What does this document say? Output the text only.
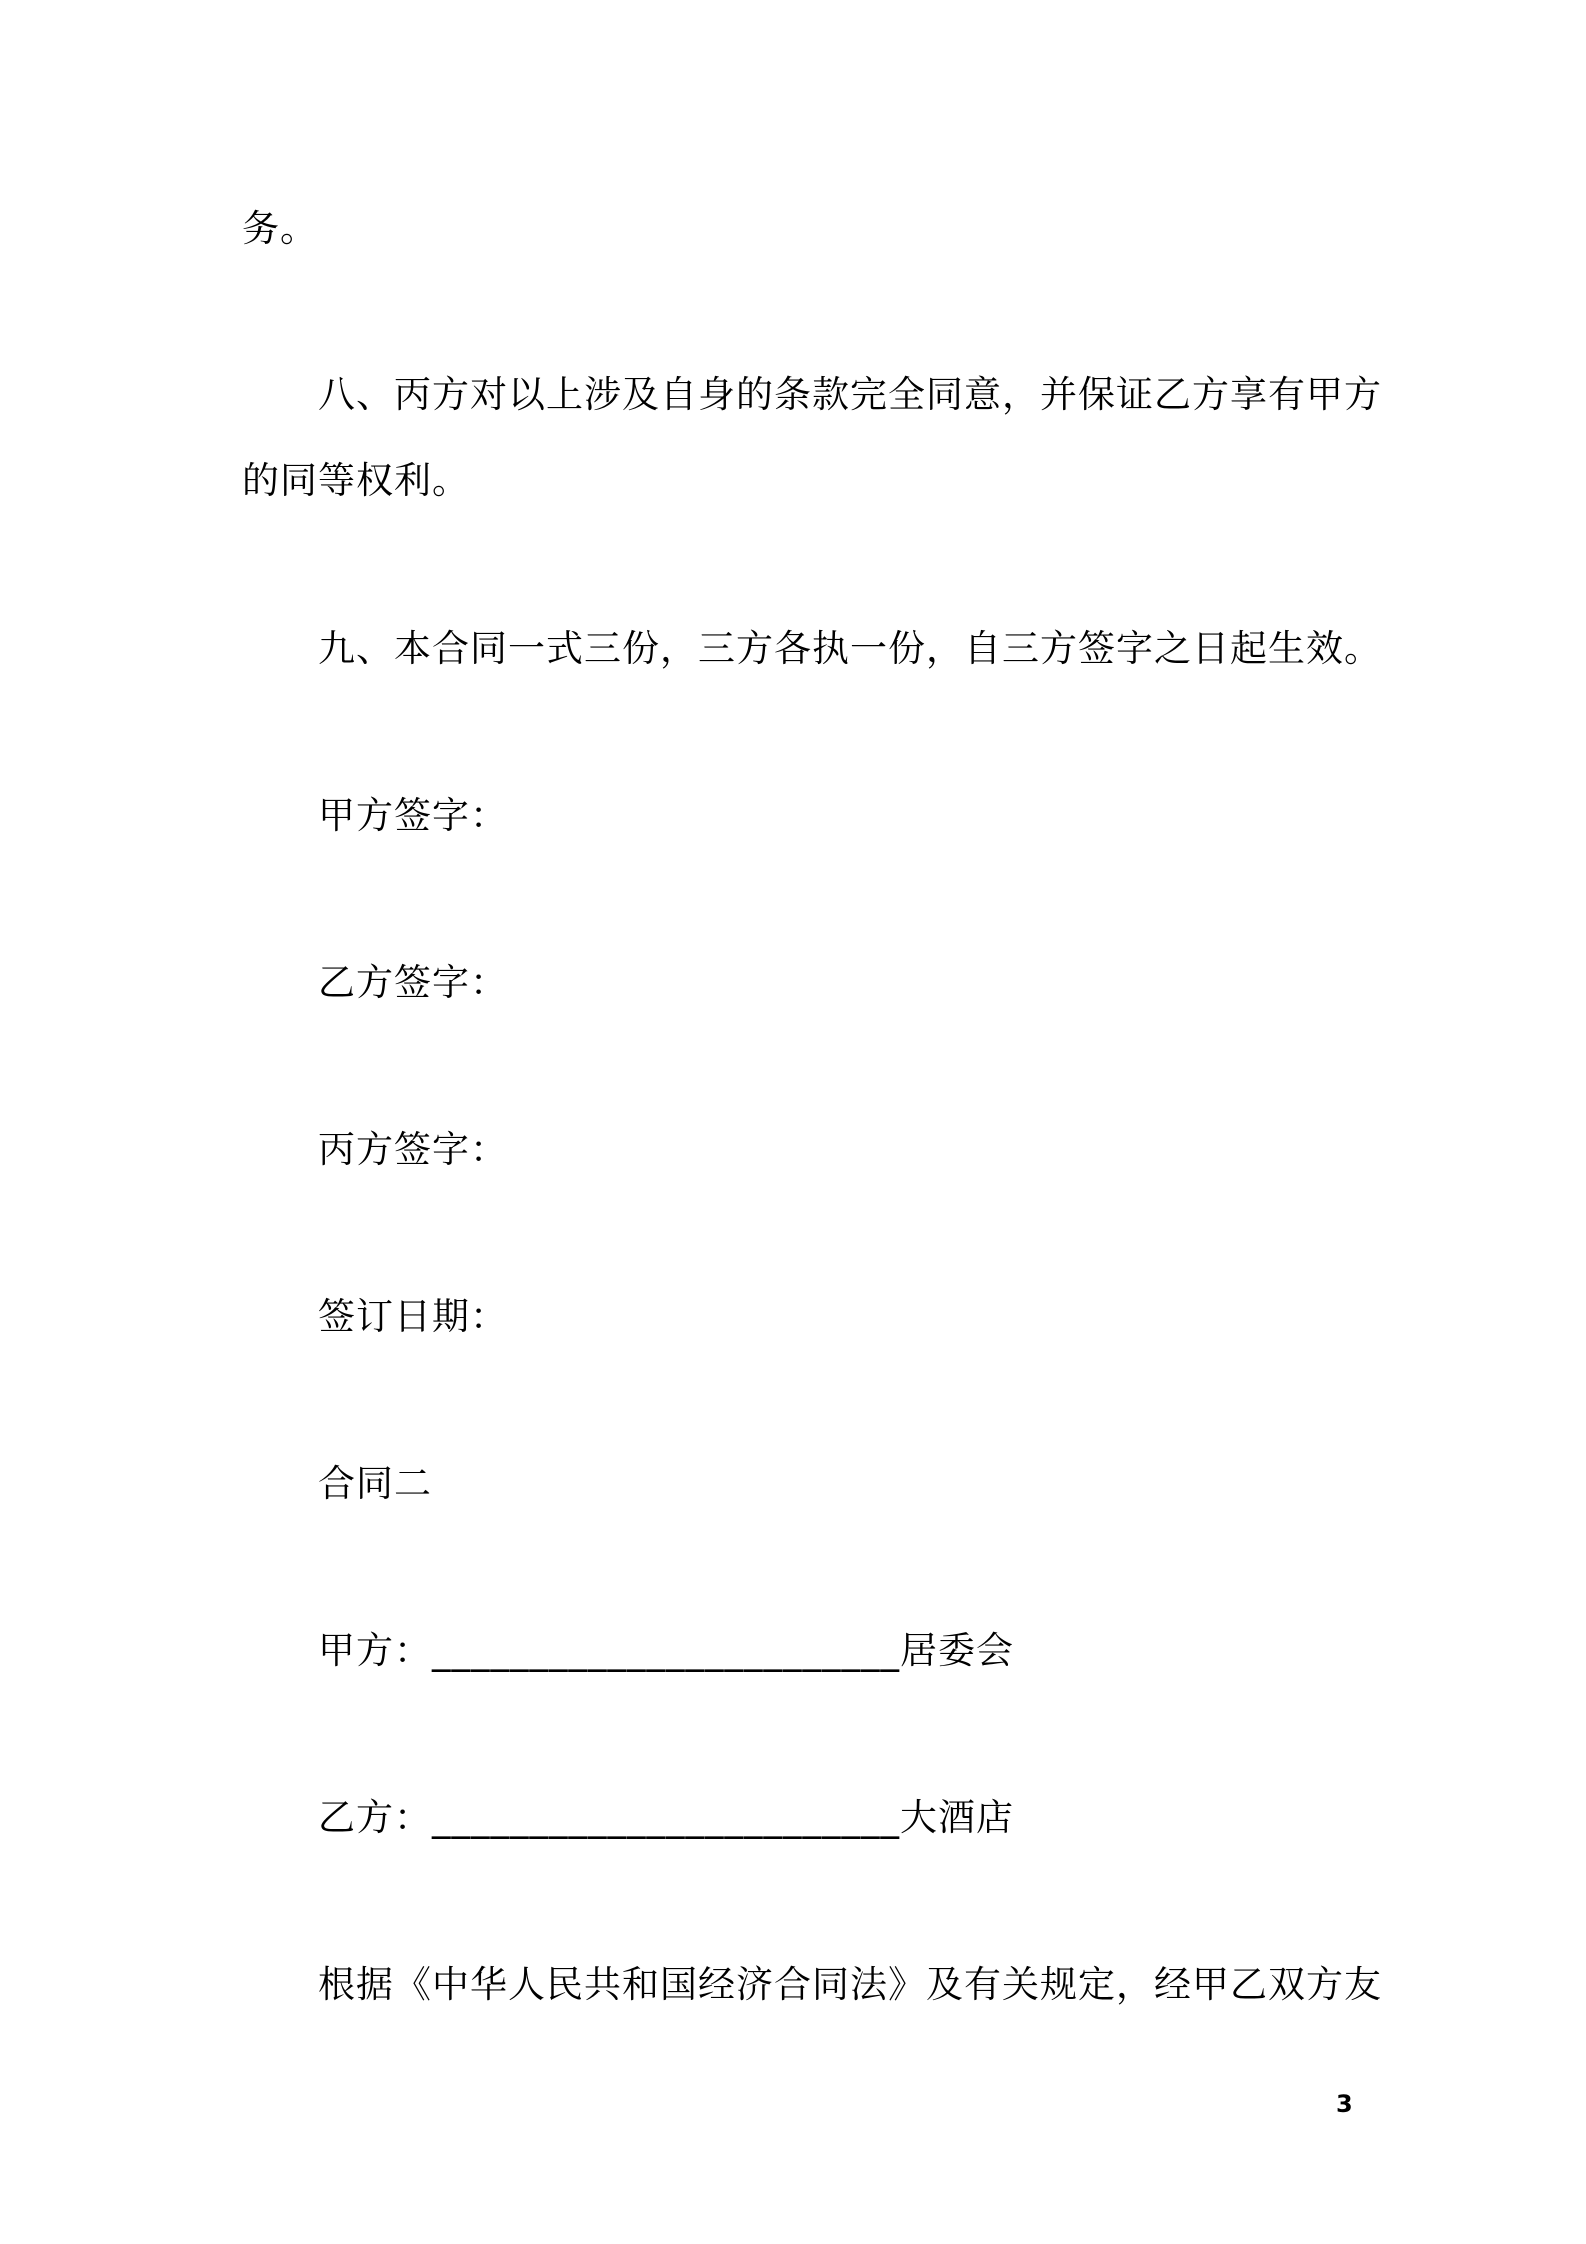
务。
八、丙方对以上涉及自身的条款完全同意，并保证乙方享有甲方
的同等权利。
九、本合同一式三份，三方各执一份，自三方签字之日起生效。
甲方签字：
乙方签字：
丙方签字：
签订日期：
合同二
甲方：________________________居委会
乙方：________________________大酒店
根据《中华人民共和国经济合同法》及有关规定，经甲乙双方友
3
